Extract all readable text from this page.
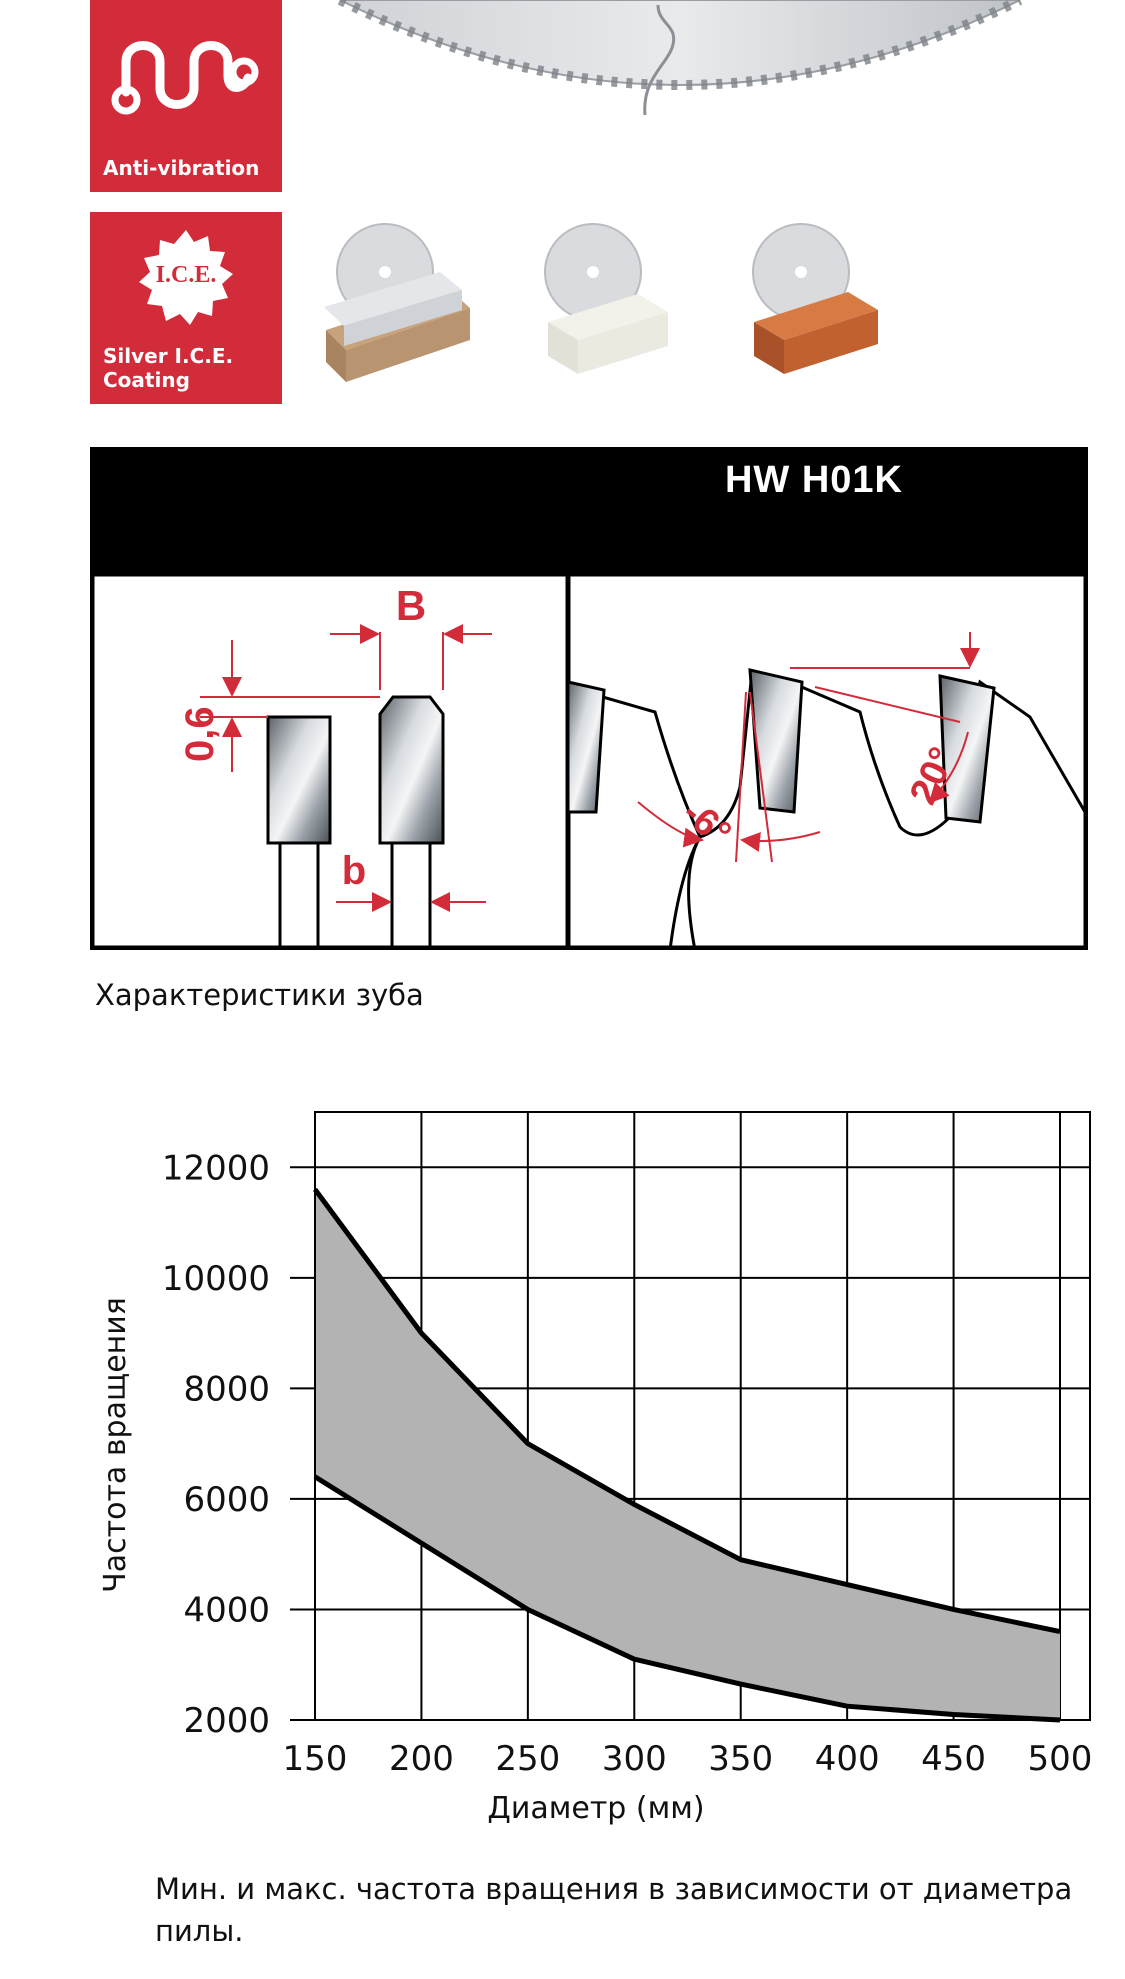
Anti-vibration
I.C.E.
Silver I.C.E.
Coating
HW H01K
B
b
0,6
-6°
20°
Характеристики зуба
2000
4000
6000
8000
10000
12000
150 200 250 300 350 400 450 500
Диаметр (мм)
Частота вращения
Мин. и макс. частота вращения в зависимости от диаметра пилы.
